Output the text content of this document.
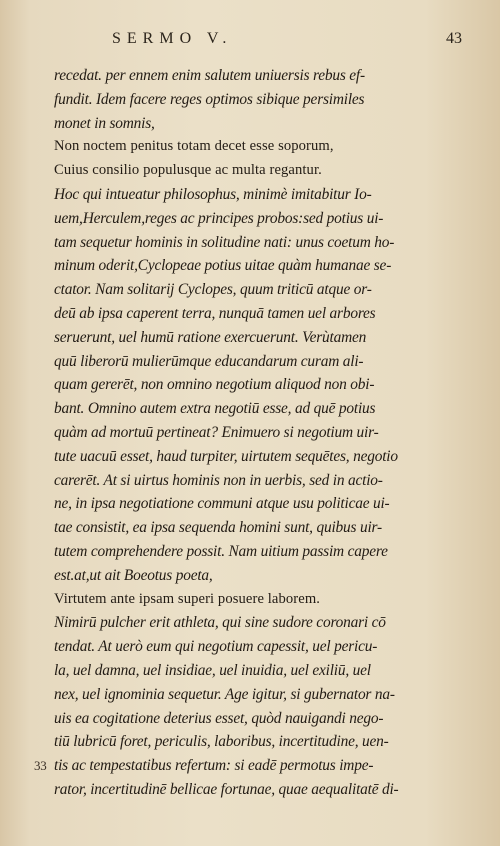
SERMO V.	43
recedat. per ennem enim salutem uniuersis rebus ef-
fundit. Idem facere reges optimos sibique persimiles
monet in somnis,
Non noctem penitus totam decet esse soporum,
Cuius consilio populusque ac multa regantur.
Hoc qui intueatur philosophus, minimè imitabitur Io-
uem,Herculem,reges ac principes probos:sed potius ui-
tam sequetur hominis in solitudine nati: unus coetum ho-
minum oderit,Cyclopeae potius uitae quàm humanae se-
ctator. Nam solitarij Cyclopes, quum triticū atque or-
deū ab ipsa caperent terra, nunquā tamen uel arbores
seruerunt, uel humū ratione exercuerunt. Verùtamen
quū liberorū mulierūmque educandarum curam ali-
quam gererēt, non omnino negotium aliquod non obi-
bant. Omnino autem extra negotiū esse, ad quē potius
quàm ad mortuū pertineat? Enimuero si negotium uir-
tute uacuū esset, haud turpiter, uirtutem sequētes, negotio
carerēt. At si uirtus hominis non in uerbis, sed in actio-
ne, in ipsa negotiatione communi atque usu politicae ui-
tae consistit, ea ipsa sequenda homini sunt, quibus uir-
tutem comprehendere possit. Nam uitium passim capere
est.at,ut ait Boeotus poeta,
Virtutem ante ipsam superi posuere laborem.
Nimirū pulcher erit athleta, qui sine sudore coronari cō
tendat. At uerò eum qui negotium capessit, uel pericu-
la, uel damna, uel insidiae, uel inuidia, uel exiliū, uel
nex, uel ignominia sequetur. Age igitur, si gubernator na-
uis ea cogitatione deterius esset, quòd nauigandi nego-
tiū lubricū foret, periculis, laboribus, incertitudine, uen-
33 tis ac tempestatibus refertum: si eadē permotus impe-
rator, incertitudinē bellicae fortunae, quae aequalitatē di-
